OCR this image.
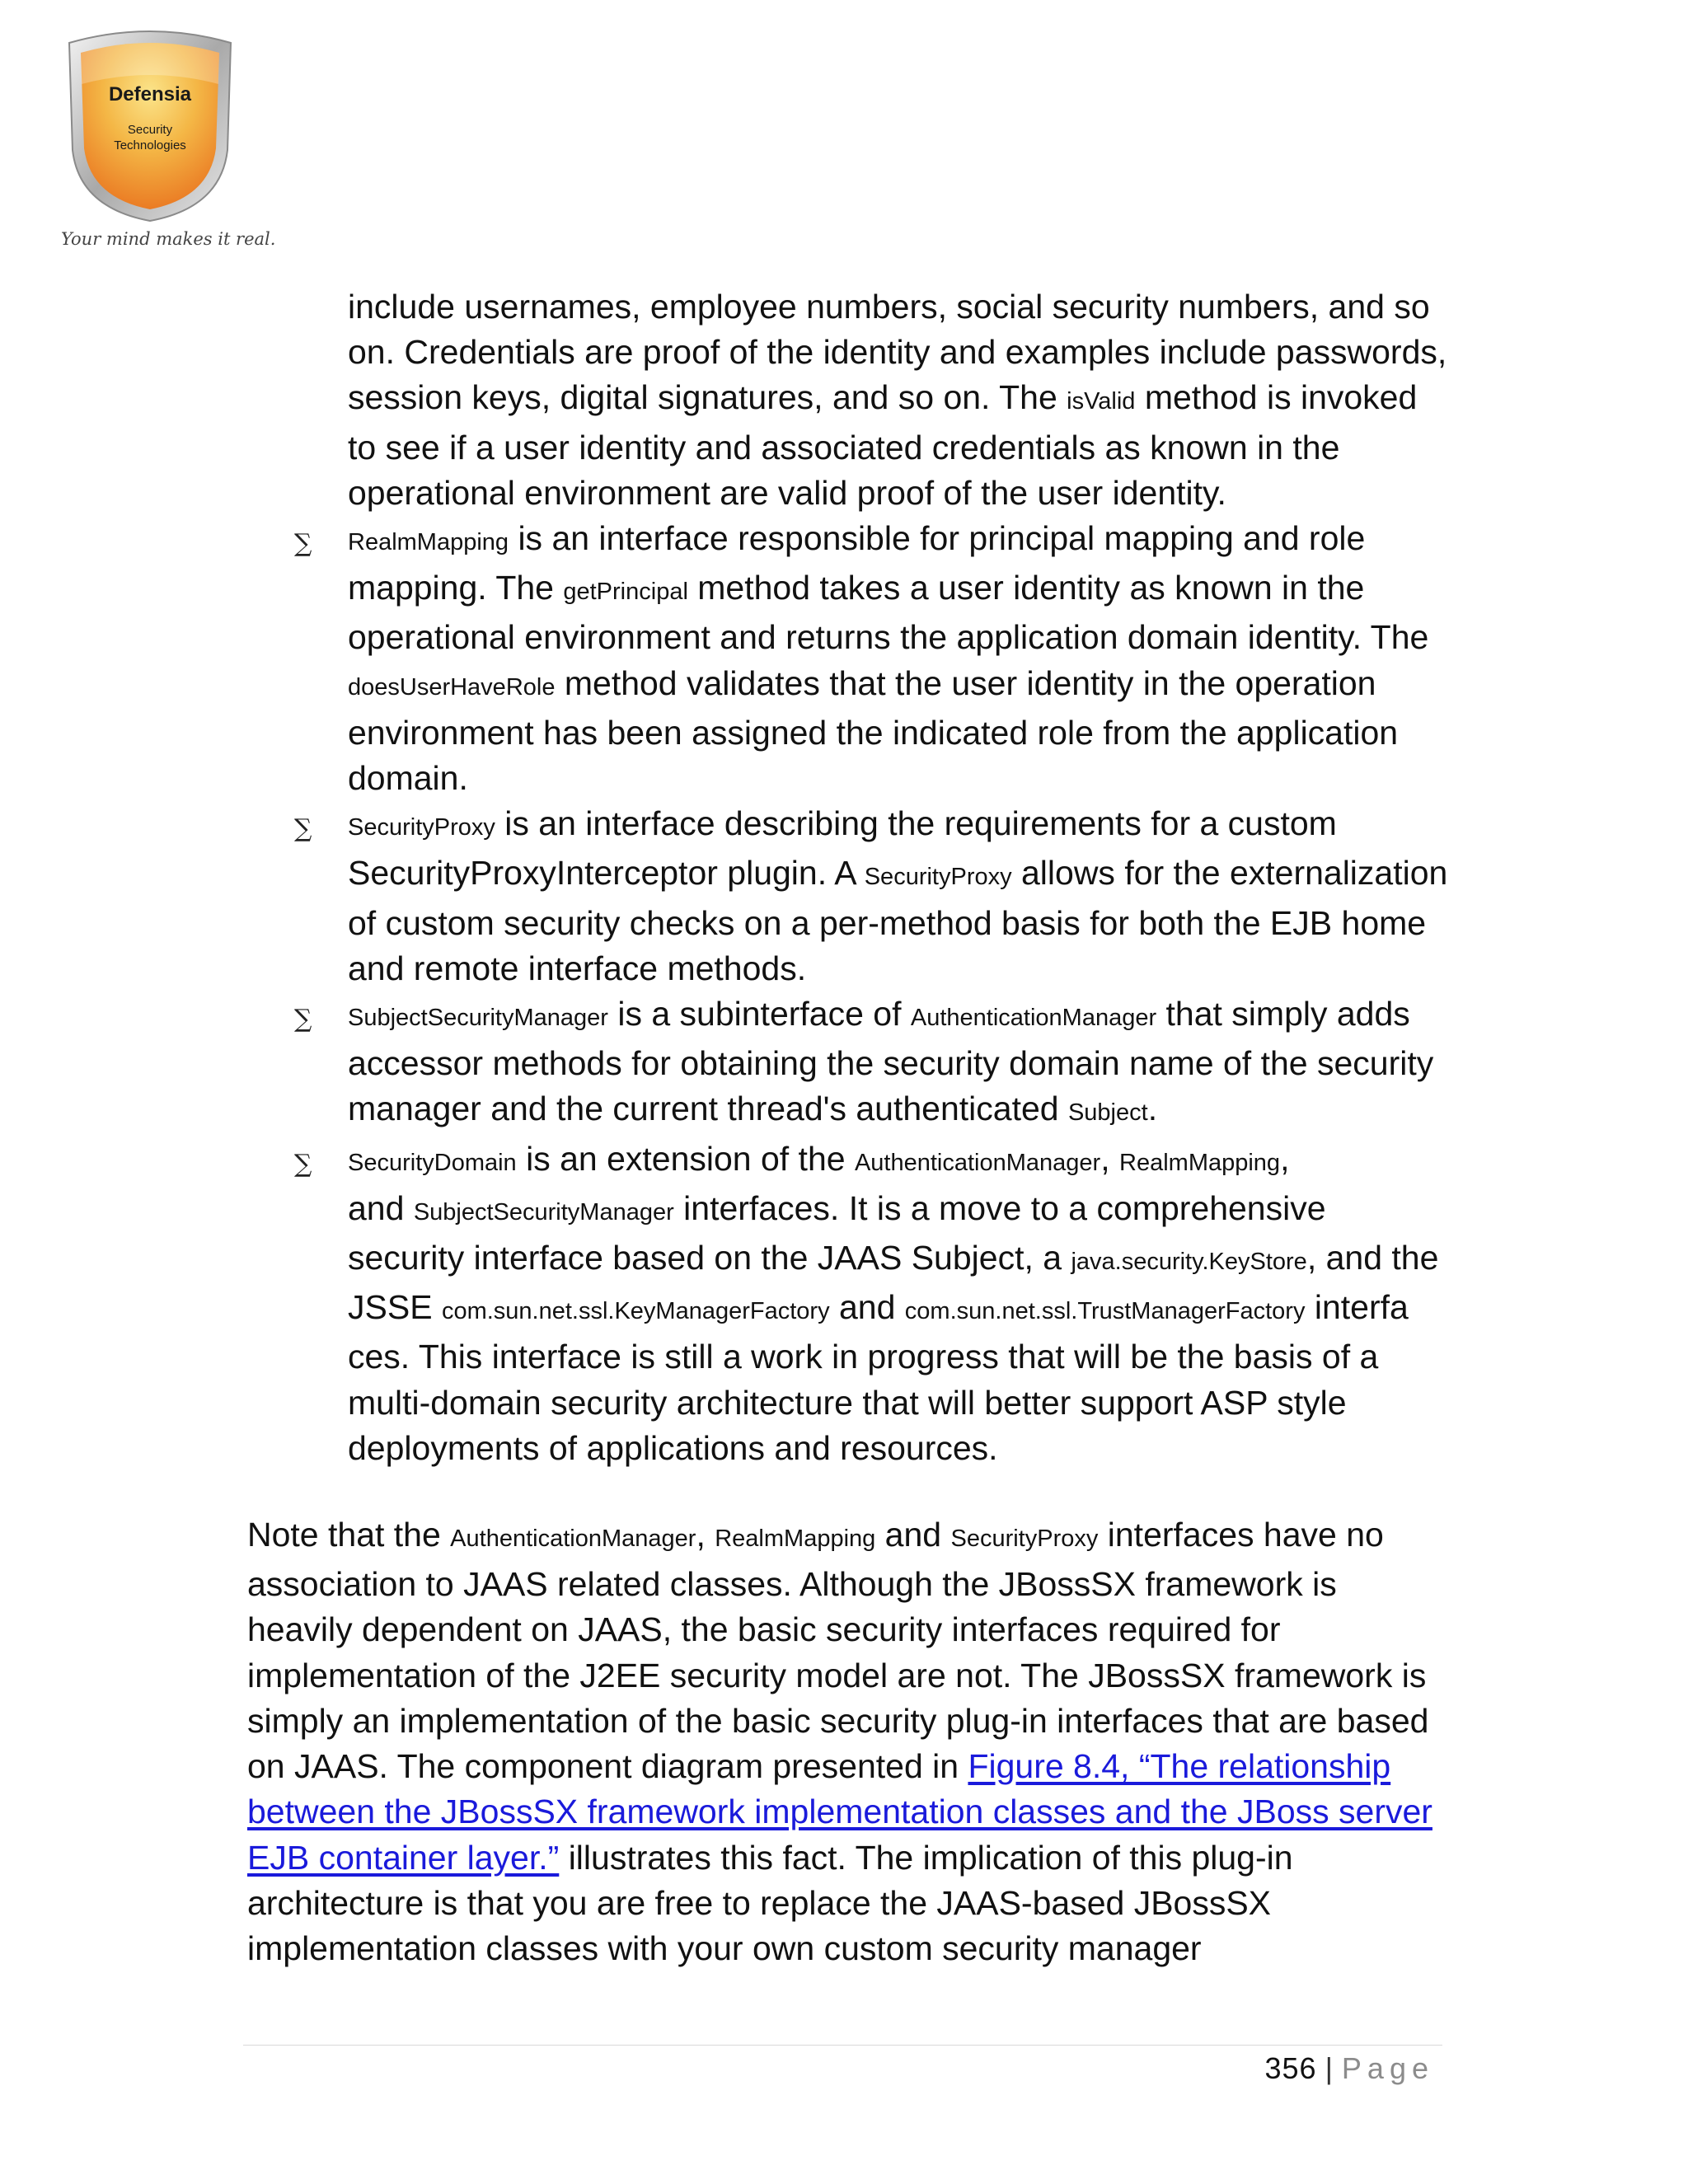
Defensia
Security
Technologies
Your mind makes it real.
include usernames, employee numbers, social security numbers, and so on. Credentials are proof of the identity and examples include passwords, session keys, digital signatures, and so on. The isValid method is invoked to see if a user identity and associated credentials as known in the operational environment are valid proof of the user identity.
∑ RealmMapping is an interface responsible for principal mapping and role mapping. The getPrincipal method takes a user identity as known in the operational environment and returns the application domain identity. The doesUserHaveRole method validates that the user identity in the operation environment has been assigned the indicated role from the application domain.
∑ SecurityProxy is an interface describing the requirements for a custom SecurityProxyInterceptor plugin. A SecurityProxy allows for the externalization of custom security checks on a per-method basis for both the EJB home and remote interface methods.
∑ SubjectSecurityManager is a subinterface of AuthenticationManager that simply adds accessor methods for obtaining the security domain name of the security manager and the current thread's authenticated Subject.
∑ SecurityDomain is an extension of the AuthenticationManager, RealmMapping,
and SubjectSecurityManager interfaces. It is a move to a comprehensive security interface based on the JAAS Subject, a java.security.KeyStore, and the
JSSE com.sun.net.ssl.KeyManagerFactory and com.sun.net.ssl.TrustManagerFactory interfa
ces. This interface is still a work in progress that will be the basis of a multi-domain security architecture that will better support ASP style deployments of applications and resources.

Note that the AuthenticationManager, RealmMapping and SecurityProxy interfaces have no association to JAAS related classes. Although the JBossSX framework is heavily dependent on JAAS, the basic security interfaces required for implementation of the J2EE security model are not. The JBossSX framework is simply an implementation of the basic security plug-in interfaces that are based on JAAS. The component diagram presented in Figure 8.4, “The relationship between the JBossSX framework implementation classes and the JBoss server EJB container layer.” illustrates this fact. The implication of this plug-in architecture is that you are free to replace the JAAS-based JBossSX implementation classes with your own custom security manager

356 | Page
